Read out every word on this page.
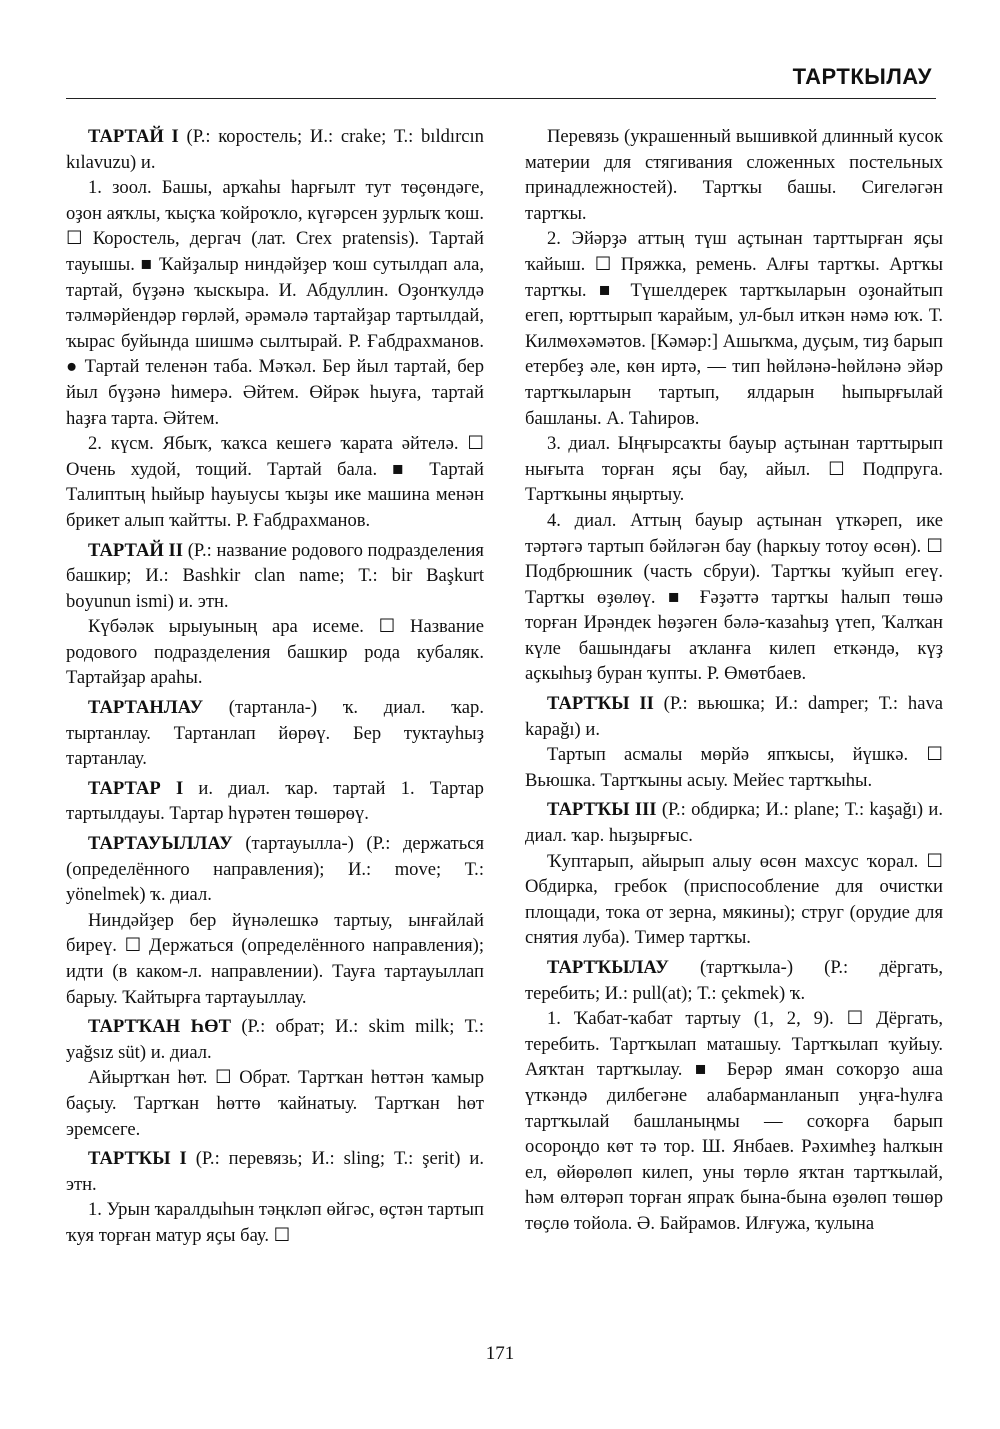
ТАРТКЫЛАУ

ТАРТАЙ I (Р.: коростель; И.: crake; Т.: bıldırcın kılavuzu) и.

1. зоол. Башы, арҡаһы һарғылт тут төҫөндәге, оҙон аяҡлы, ҡыҫҡа ҡойроҡло, күгәрсен ҙурлыҡ ҡош. ☐ Коростель, дергач (лат. Crex pratensis). Тартай тауышы. ■ Ҡайҙалыр ниндәйҙер ҡош сутылдап ала, тартай, бүҙәнә ҡыскыра. И. Абдуллин. Оҙонҡулдә тәлмәрйендәр гөрләй, әрәмәлә тартайҙар тартылдай, ҡырас буйында шишмә сылтырай. Р. Ғабдрахманов. ● Тартай теленән таба. Мәҡәл. Бер йыл тартай, бер йыл бүҙәнә һимерә. Әйтем. Өйрәк һыуға, тартай һаҙға тарта. Әйтем.

2. күсм. Ябыҡ, ҡаҡса кешегә ҡарата әйтелә. ☐ Очень худой, тощий. Тартай бала. ■ Тартай Талиптың һыйыр һауыусы ҡыҙы ике машина менән брикет алып ҡайтты. Р. Ғабдрахманов.

ТАРТАЙ II (Р.: название родового подразделения башкир; И.: Bashkir clan name; Т.: bir Başkurt boyunun ismi) и. этн.

Күбәләк ырыуының ара исеме. ☐ Название родового подразделения башкир рода кубаляк. Тартайҙар араһы.

ТАРТАНЛАУ (тартанла-) ҡ. диал. ҡар. тыртанлау. Тартанлап йөрөү. Бер туктауһыҙ тартанлау.

ТАРТАР I и. диал. ҡар. тартай 1. Тартар тартылдауы. Тартар һүрәтен төшөрөү.

ТАРТАУЫЛЛАУ (тартауылла-) (Р.: держаться (определённого направления); И.: move; Т.: yönelmek) ҡ. диал.

Ниндәйҙер бер йүнәлешкә тартыу, ынғайлай биреү. ☐ Держаться (определённого направления); идти (в каком-л. направлении). Тауға тартауыллап барыу. Ҡайтырға тартауыллау.

ТАРТҠАН ҺӨТ (Р.: обрат; И.: skim milk; Т.: yağsız süt) и. диал.

Айыртҡан һөт. ☐ Обрат. Тартҡан һөттән ҡамыр баҫыу. Тартҡан һөттө ҡайнатыу. Тартҡан һөт эремсеге.

ТАРТҠЫ I (Р.: перевязь; И.: sling; Т.: şerit) и. этн.

1. Урын ҡаралдыһын тәңкләп өйгәс, өҫтән тартып ҡуя торған матур яҫы бау. ☐

Перевязь (украшенный вышивкой длинный кусок материи для стягивания сложенных постельных принадлежностей). Тартҡы башы. Сигеләгән тартҡы.

2. Эйәрҙә аттың түш аҫтынан тарттырған яҫы ҡайыш. ☐ Пряжка, ремень. Алғы тартҡы. Артҡы тартҡы. ■ Түшелдерек тартҡыларын оҙонайтып егеп, юрттырып ҡарайым, ул-был иткән нәмә юҡ. Т. Килмөхәмәтов. [Кәмәр:] Ашыҡма, дуҫым, тиҙ барып етербеҙ әле, көн иртә, — тип һөйләнә-һөйләнә эйәр тартҡыларын тартып, ялдарын һыпырғылай башланы. А. Таһиров.

3. диал. Ыңғырсаҡты бауыр аҫтынан тарттырып нығыта торған яҫы бау, айыл. ☐ Подпруга. Тартҡыны яңыртыу.

4. диал. Аттың бауыр аҫтынан үткәреп, ике тәртәгә тартып бәйләгән бау (һаркыу тотоу өсөн). ☐ Подбрюшник (часть сбруи). Тартҡы ҡуйып егеү. Тартҡы өҙөлөү. ■ Ғәҙәттә тартҡы һалып төшә торған Ирәндек һөҙәген бәлә-ҡазаһыҙ үтеп, Ҡалҡан күле башындағы аҡланға килеп еткәндә, күҙ аҫкыһыҙ буран ҡупты. Р. Өмөтбаев.

ТАРТҠЫ II (Р.: вьюшка; И.: damper; Т.: hava kapağı) и.

Тартып асмалы мөрйә япҡысы, йүшкә. ☐ Вьюшка. Тартҡыны асыу. Мейес тартҡыһы.

ТАРТҠЫ III (Р.: обдирка; И.: plane; Т.: kaşağı) и. диал. ҡар. һыҙырғыс.

Ҡуптарып, айырып алыу өсөн махсус ҡорал. ☐ Обдирка, гребок (приспособление для очистки площади, тока от зерна, мякины); струг (орудие для снятия луба). Тимер тартҡы.

ТАРТҠЫЛАУ (тартҡыла-) (Р.: дёргать, теребить; И.: pull(at); Т.: çekmek) ҡ.

1. Ҡабат-ҡабат тартыу (1, 2, 9). ☐ Дёргать, теребить. Тартҡылап маташыу. Тартҡылап ҡуйыу. Аяҡтан тартҡылау. ■ Берәр яман соҡорҙо аша үткәндә дилбегәне алабарманланып уңға-һулға тартҡылай башланыңмы — соҡорға барып осороңдо көт тә тор. Ш. Янбаев. Рәхимһеҙ һалҡын ел, өйөрөлөп килеп, уны төрлө яҡтан тартҡылай, һәм өлтөрәп торған япраҡ бына-бына өҙөлөп төшөр төҫлө тойола. Ә. Байрамов. Илғужа, ҡулына

171
